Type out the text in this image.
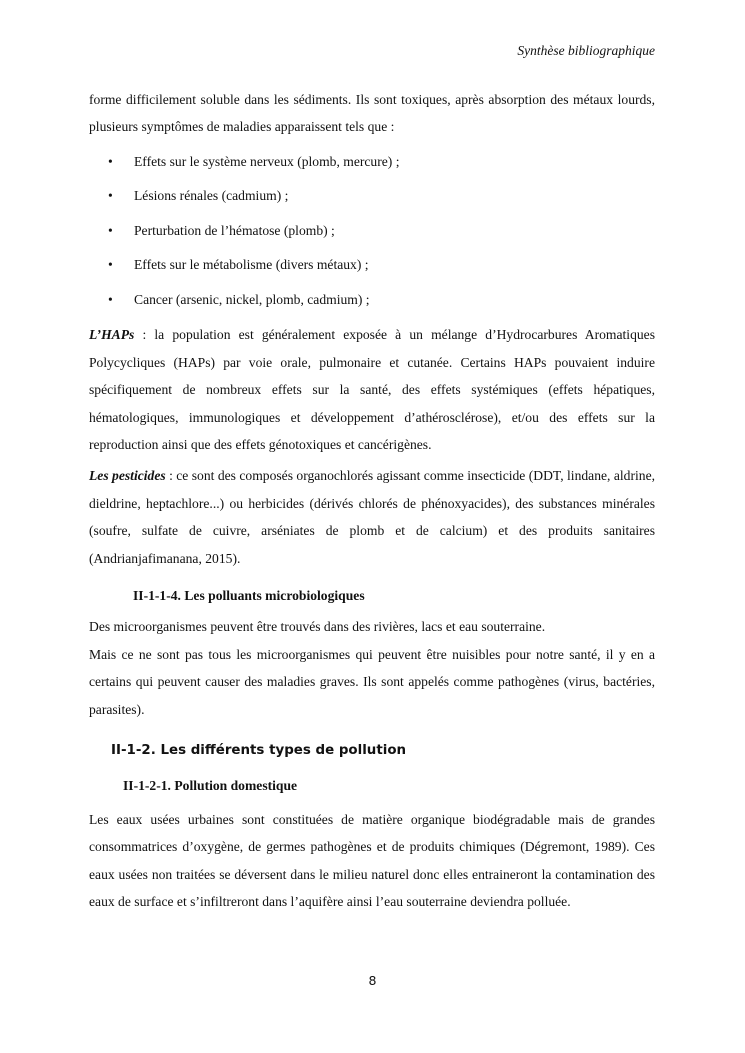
Synthèse bibliographique

forme difficilement soluble dans les sédiments. Ils sont toxiques, après absorption des métaux lourds, plusieurs symptômes de maladies apparaissent tels que :

• Effets sur le système nerveux (plomb, mercure) ;
• Lésions rénales (cadmium) ;
• Perturbation de l’hématose (plomb) ;
• Effets sur le métabolisme (divers métaux) ;
• Cancer (arsenic, nickel, plomb, cadmium) ;

L’HAPs : la population est généralement exposée à un mélange d’Hydrocarbures Aromatiques Polycycliques (HAPs) par voie orale, pulmonaire et cutanée. Certains HAPs pouvaient induire spécifiquement de nombreux effets sur la santé, des effets systémiques (effets hépatiques, hématologiques, immunologiques et développement d’athérosclérose), et/ou des effets sur la reproduction ainsi que des effets génotoxiques et cancérigènes.

Les pesticides : ce sont des composés organochlorés agissant comme insecticide (DDT, lindane, aldrine, dieldrine, heptachlore...) ou herbicides (dérivés chlorés de phénoxyacides), des substances minérales (soufre, sulfate de cuivre, arséniates de plomb et de calcium) et des produits sanitaires (Andrianjafimanana, 2015).

II-1-1-4. Les polluants microbiologiques

Des microorganismes peuvent être trouvés dans des rivières, lacs et eau souterraine.

Mais ce ne sont pas tous les microorganismes qui peuvent être nuisibles pour notre santé, il y en a certains qui peuvent causer des maladies graves. Ils sont appelés comme pathogènes (virus, bactéries, parasites).

II-1-2. Les différents types de pollution
II-1-2-1. Pollution domestique

Les eaux usées urbaines sont constituées de matière organique biodégradable mais de grandes consommatrices d’oxygène, de germes pathogènes et de produits chimiques (Dégremont, 1989). Ces eaux usées non traitées se déversent dans le milieu naturel donc elles entraineront la contamination des eaux de surface et s’infiltreront dans l’aquifère ainsi l’eau souterraine deviendra polluée.

8
